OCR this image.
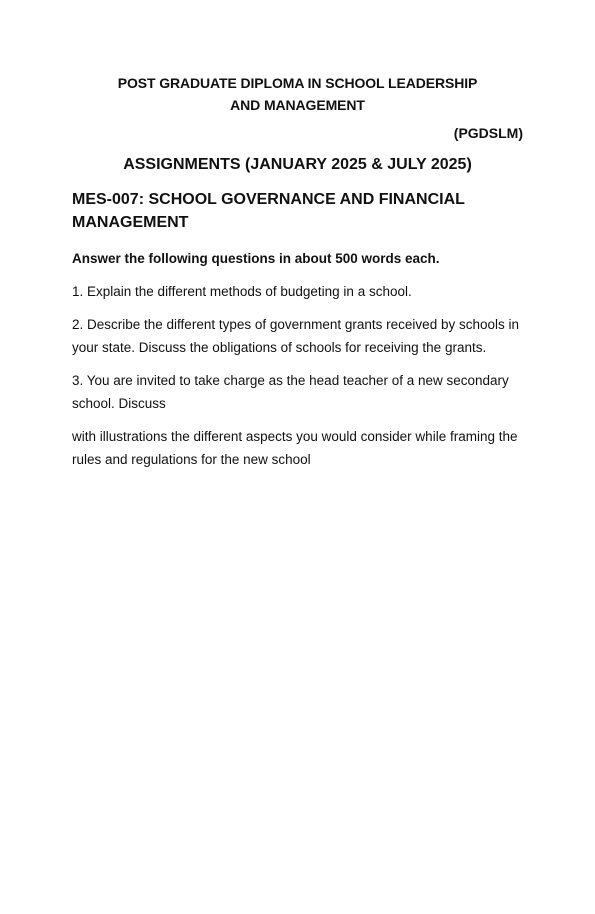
POST GRADUATE DIPLOMA IN SCHOOL LEADERSHIP AND MANAGEMENT
(PGDSLM)
ASSIGNMENTS (JANUARY 2025 & JULY 2025)
MES-007: SCHOOL GOVERNANCE AND FINANCIAL MANAGEMENT
Answer the following questions in about 500 words each.
1. Explain the different methods of budgeting in a school.
2. Describe the different types of government grants received by schools in your state. Discuss the obligations of schools for receiving the grants.
3. You are invited to take charge as the head teacher of a new secondary school. Discuss
with illustrations the different aspects you would consider while framing the rules and regulations for the new school
